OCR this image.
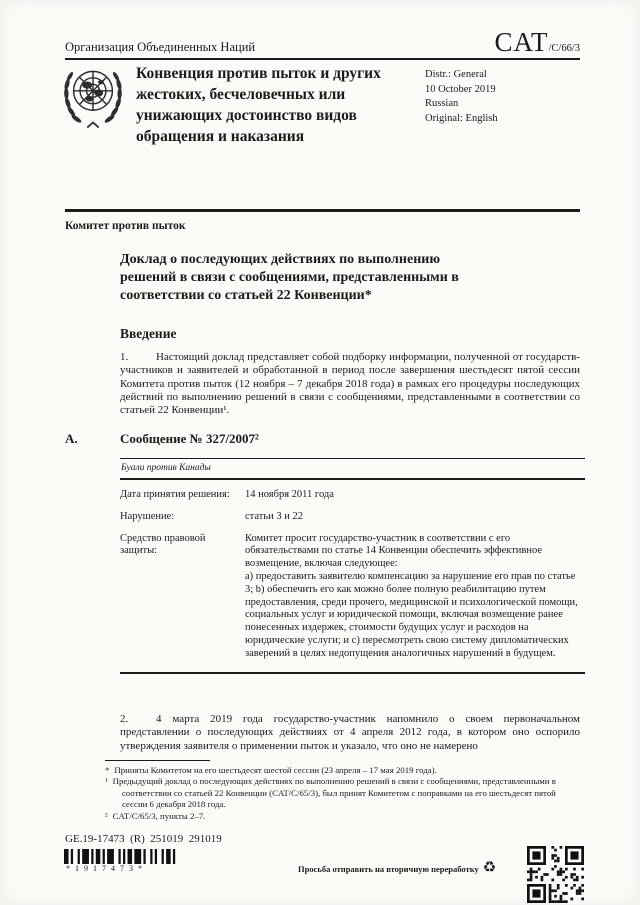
Организация Объединенных Наций	CAT/C/66/3
Конвенция против пыток и других жестоких, бесчеловечных или унижающих достоинство видов обращения и наказания
Distr.: General
10 October 2019
Russian
Original: English
Комитет против пыток
Доклад о последующих действиях по выполнению решений в связи с сообщениями, представленными в соответствии со статьей 22 Конвенции*
Введение

1.	Настоящий доклад представляет собой подборку информации, полученной от государств-участников и заявителей и обработанной в период после завершения шестьдесят пятой сессии Комитета против пыток (12 ноября – 7 декабря 2018 года) в рамках его процедуры последующих действий по выполнению решений в связи с сообщениями, представленными в соответствии со статьей 22 Конвенции¹.

A.	Сообщение № 327/2007²
Буали против Канады
Дата принятия решения:	14 ноября 2011 года
Нарушение:	статьи 3 и 22
Средство правовой защиты:
Комитет просит государство-участник в соответствии с его обязательствами по статье 14 Конвенции обеспечить эффективное возмещение, включая следующее:
a) предоставить заявителю компенсацию за нарушение его прав по статье 3; b) обеспечить его как можно более полную реабилитацию путем предоставления, среди прочего, медицинской и психологической помощи, социальных услуг и юридической помощи, включая возмещение ранее понесенных издержек, стоимости будущих услуг и расходов на юридические услуги; и c) пересмотреть свою систему дипломатических заверений в целях недопущения аналогичных нарушений в будущем.

2.	4 марта 2019 года государство-участник напомнило о своем первоначальном представлении о последующих действиях от 4 апреля 2012 года, в котором оно оспорило утверждения заявителя о применении пыток и указало, что оно не намерено

* Приняты Комитетом на его шестьдесят шестой сессии (23 апреля – 17 мая 2019 года).
¹ Предыдущий доклад о последующих действиях по выполнению решений в связи с сообщениями, представленными в соответствии со статьей 22 Конвенции (CAT/C/65/3), был принят Комитетом с поправками на его шестьдесят пятой сессии 6 декабря 2018 года.
² CAT/C/65/3, пункты 2–7.
GE.19-17473  (R)  251019  291019
*1917473*	Просьба отправить на вторичную переработку ♻
